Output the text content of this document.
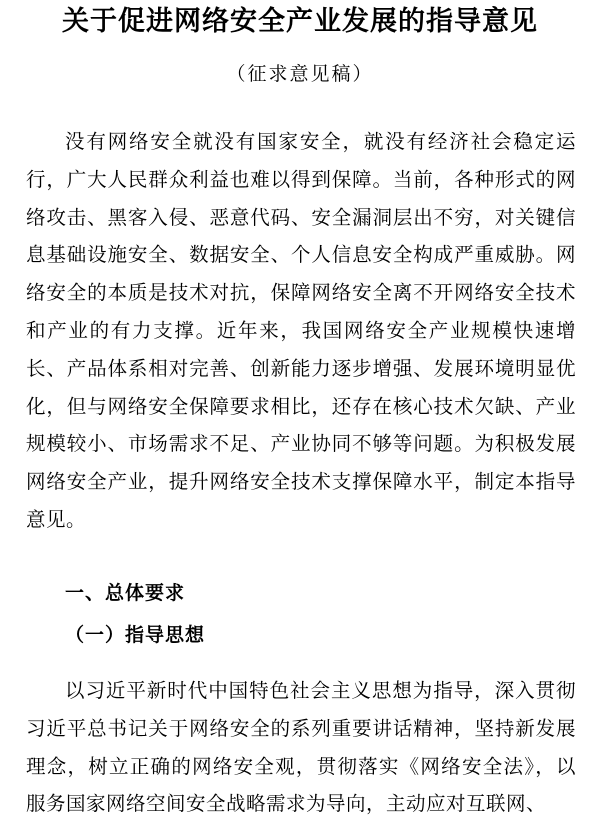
关于促进网络安全产业发展的指导意见

（征求意见稿）

没有网络安全就没有国家安全，就没有经济社会稳定运行，广大人民群众利益也难以得到保障。当前，各种形式的网络攻击、黑客入侵、恶意代码、安全漏洞层出不穷，对关键信息基础设施安全、数据安全、个人信息安全构成严重威胁。网络安全的本质是技术对抗，保障网络安全离不开网络安全技术和产业的有力支撑。近年来，我国网络安全产业规模快速增长、产品体系相对完善、创新能力逐步增强、发展环境明显优化，但与网络安全保障要求相比，还存在核心技术欠缺、产业规模较小、市场需求不足、产业协同不够等问题。为积极发展网络安全产业，提升网络安全技术支撑保障水平，制定本指导意见。

一、总体要求
（一）指导思想

以习近平新时代中国特色社会主义思想为指导，深入贯彻习近平总书记关于网络安全的系列重要讲话精神，坚持新发展理念，树立正确的网络安全观，贯彻落实《网络安全法》，以服务国家网络空间安全战略需求为导向，主动应对互联网、
